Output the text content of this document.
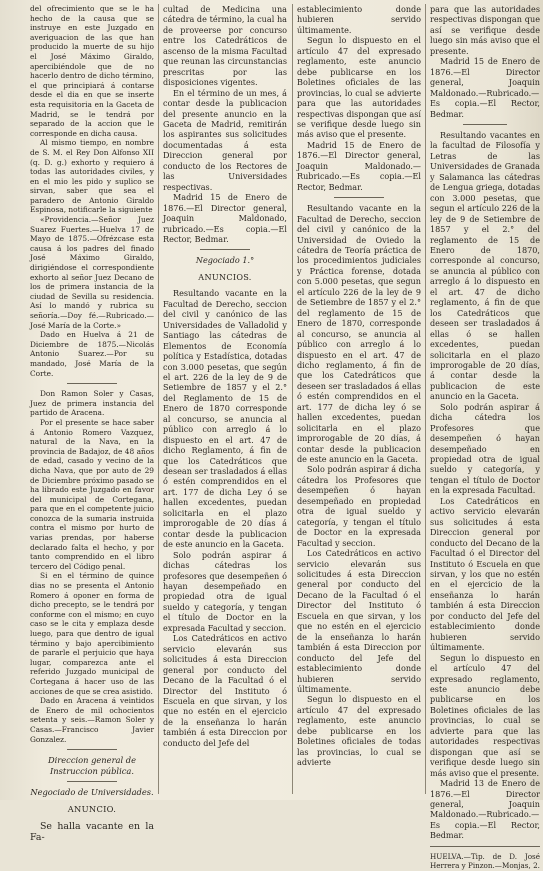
del ofrecimiento que se le ha hecho de la causa que se instruye en este Juzgado en averiguacion de las que han producido la muerte de su hijo el José Máximo Giraldo, apercibiéndole que de no hacerlo dentro de dicho término, el que principiará á contarse desde el dia en que se inserte esta requisitoria en la Gaceta de Madrid, se le tendrá por separado de la accion que le corresponde en dicha causa.

Al mismo tiempo, en nombre de S. M. el Rey Don Alfonso XII (q. D. g.) exhorto y requiero á todas las autoridades civiles, y en el mio les pido y suplico se sirvan, saber que sea el paradero de Antonio Giraldo Espinosa, notificarle la siguiente

«Providencia.—Señor Juez Suarez Fuertes.—Huelva 17 de Mayo de 1875.—Ofrézcase esta causa á los padres del finado José Máximo Giraldo, dirigiéndose el correspondiente exhorto al señor Juez Decano de los de primera instancia de la ciudad de Sevilla su residencia. Así lo mandó y rubrica su señoría.—Doy fé.—Rubricado.—José María de la Corte.»

Dado en Huelva á 21 de Diciembre de 1875.—Nicolás Antonio Suarez.—Por su mandado, José María de la Corte.

Don Ramon Soler y Casas, Juez de primera instancia del partido de Aracena.

Por el presente se hace saber á Antonio Romero Vazquez, natural de la Nava, en la provincia de Badajoz, de 48 años de edad, casado y vecino de la dicha Nava, que por auto de 29 de Diciembre próximo pasado se ha librado este Juzgado en favor del municipal de Cortegana, para que en el competente juicio conozca de la sumaria instruida contra el mismo por hurto de varias prendas, por haberse declarado falta el hecho, y por tanto comprendido en el libro tercero del Código penal.

Si en el término de quince dias no se presenta el Antonio Romero á oponer en forma de dicho precepto, se le tendrá por conforme con el mismo; en cuyo caso se le cita y emplaza desde luego, para que dentro de igual término y bajo apercibimiento de pararle el perjuicio que haya lugar, comparezca ante el referido Juzgado municipal de Cortegana á hacer uso de las acciones de que se crea asistido.

Dado en Aracena á veintidos de Enero de mil ochocientos setenta y seis.—Ramon Soler y Casas.—Francisco Javier Gonzalez.

Direccion general de Instruccion pública.

Negociado de Universidades.

ANUNCIO.

Se halla vacante en la Fa-

cultad de Medicina una cátedra de término, la cual ha de proveerse por concurso entre los Catedráticos de ascenso de la misma Facultad que reunan las circunstancias prescritas por las disposiciones vigentes.

En el término de un mes, á contar desde la publicacion del presente anuncio en la Gaceta de Madrid, remitirán los aspirantes sus solicitudes documentadas á esta Direccion general por conducto de los Rectores de las Universidades respectivas.

Madrid 15 de Enero de 1876.—El Director general, Joaquin Maldonado, rubricado.—Es copia.—El Rector, Bedmar.

Negociado 1.°

ANUNCIOS.

Resultando vacante en la Facultad de Derecho, seccion del civil y canónico de las Universidades de Valladolid y Santiago las cátedras de Elementos de Economía política y Estadística, dotadas con 3.000 pesetas, que según el art. 226 de la ley de 9 de Setiembre de 1857 y el 2.° del Reglamento de 15 de Enero de 1870 corresponde al concurso, se anuncia al público con arreglo á lo dispuesto en el art. 47 de dicho Reglamento, á fin de que los Catedráticos que desean ser trasladados á ellas ó estén comprendidos en el art. 177 de dicha Ley ó se hallen excedentes, puedan solicitarla en el plazo improrogable de 20 días á contar desde la publicacion de este anuncio en la Gaceta.

Solo podrán aspirar á dichas cátedras los profesores que desempeñen ó hayan desempeñado en propiedad otra de igual sueldo y categoría, y tengan el título de Doctor en la expresada Facultad y seccion.

Los Catedráticos en activo servicio elevarán sus solicitudes á esta Direccion general por conducto del Decano de la Facultad ó el Director del Instituto ó Escuela en que sirvan, y los que no estén en el ejercicio de la enseñanza lo harán también á esta Direccion por conducto del Jefe del

establecimiento donde hubieren servido últimamente.

Segun lo dispuesto en el artículo 47 del expresado reglamento, este anuncio debe publicarse en los Boletines oficiales de las provincias, lo cual se advierte para que las autoridades respectivas dispongan que así se verifique desde luego sin más aviso que el presente.

Madrid 15 de Enero de 1876.—El Director general, Joaquin Maldonado.—Rubricado.—Es copia.—El Rector, Bedmar.

Resultando vacante en la Facultad de Derecho, seccion del civil y canónico de la Universidad de Oviedo la cátedra de Teoría práctica de los procedimientos judiciales y Práctica forense, dotada con 5.000 pesetas, que segun el artículo 226 de la ley de 9 de Setiembre de 1857 y el 2.° del reglamento de 15 de Enero de 1870, corresponde al concurso, se anuncia al público con arreglo á lo dispuesto en el art. 47 de dicho reglamento, á fin de que los Catedráticos que deseen ser trasladados á ellas ó estén comprendidos en el art. 177 de dicha ley ó se hallen excedentes, puedan solicitarla en el plazo improrogable de 20 días, á contar desde la publicacion de este anuncio en la Gaceta.

Solo podrán aspirar á dicha cátedra los Profesores que desempeñen ó hayan desempeñado en propiedad otra de igual sueldo y categoría, y tengan el título de Doctor en la expresada Facultad y seccion.

Los Catedráticos en activo servicio elevarán sus solicitudes á esta Direccion general por conducto del Decano de la Facultad ó el Director del Instituto ó Escuela en que sirvan, y los que no estén en el ejercicio de la enseñanza lo harán también á esta Direccion por conducto del Jefe del establecimiento donde hubieren servido últimamente.

Segun lo dispuesto en el artículo 47 del expresado reglamento, este anuncio debe publicarse en los Boletines oficiales de todas las provincias, lo cual se advierte

para que las autoridades respectivas dispongan que así se verifique desde luego sin más aviso que el presente.

Madrid 15 de Enero de 1876.—El Director general, Joaquin Maldonado.—Rubricado.—Es copia.—El Rector, Bedmar.

Resultando vacantes en la facultad de Filosofía y Letras de las Universidades de Granada y Salamanca las cátedras de Lengua griega, dotadas con 3.000 pesetas, que segun el artículo 226 de la ley de 9 de Setiembre de 1857 y el 2.° del reglamento de 15 de Enero de 1870, corresponde al concurso, se anuncia al público con arreglo á lo dispuesto en el art. 47 de dicho reglamento, á fin de que los Catedráticos que deseen ser trasladados á ellas ó se hallen excedentes, puedan solicitarla en el plazo improrogable de 20 días, á contar desde la publicacion de este anuncio en la Gaceta.

Solo podrán aspirar á dicha cátedra los Profesores que desempeñen ó hayan desempeñado en propiedad otra de igual sueldo y categoría, y tengan el título de Doctor en la expresada Facultad.

Los Catedráticos en activo servicio elevarán sus solicitudes á esta Direccion general por conducto del Decano de la Facultad ó el Director del Instituto ó Escuela en que sirvan, y los que no estén en el ejercicio de la enseñanza lo harán también á esta Direccion por conducto del Jefe del establecimiento donde hubieren servido últimamente.

Segun lo dispuesto en el artículo 47 del expresado reglamento, este anuncio debe publicarse en los Boletines oficiales de las provincias, lo cual se advierte para que las autoridades respectivas dispongan que así se verifique desde luego sin más aviso que el presente.

Madrid 13 de Enero de 1876.—El Director general, Joaquin Maldonado.—Rubricado.—Es copia.—El Rector, Bedmar.

HUELVA.—Tip. de D. José Herrera y Pinzon.—Monjas, 2.
